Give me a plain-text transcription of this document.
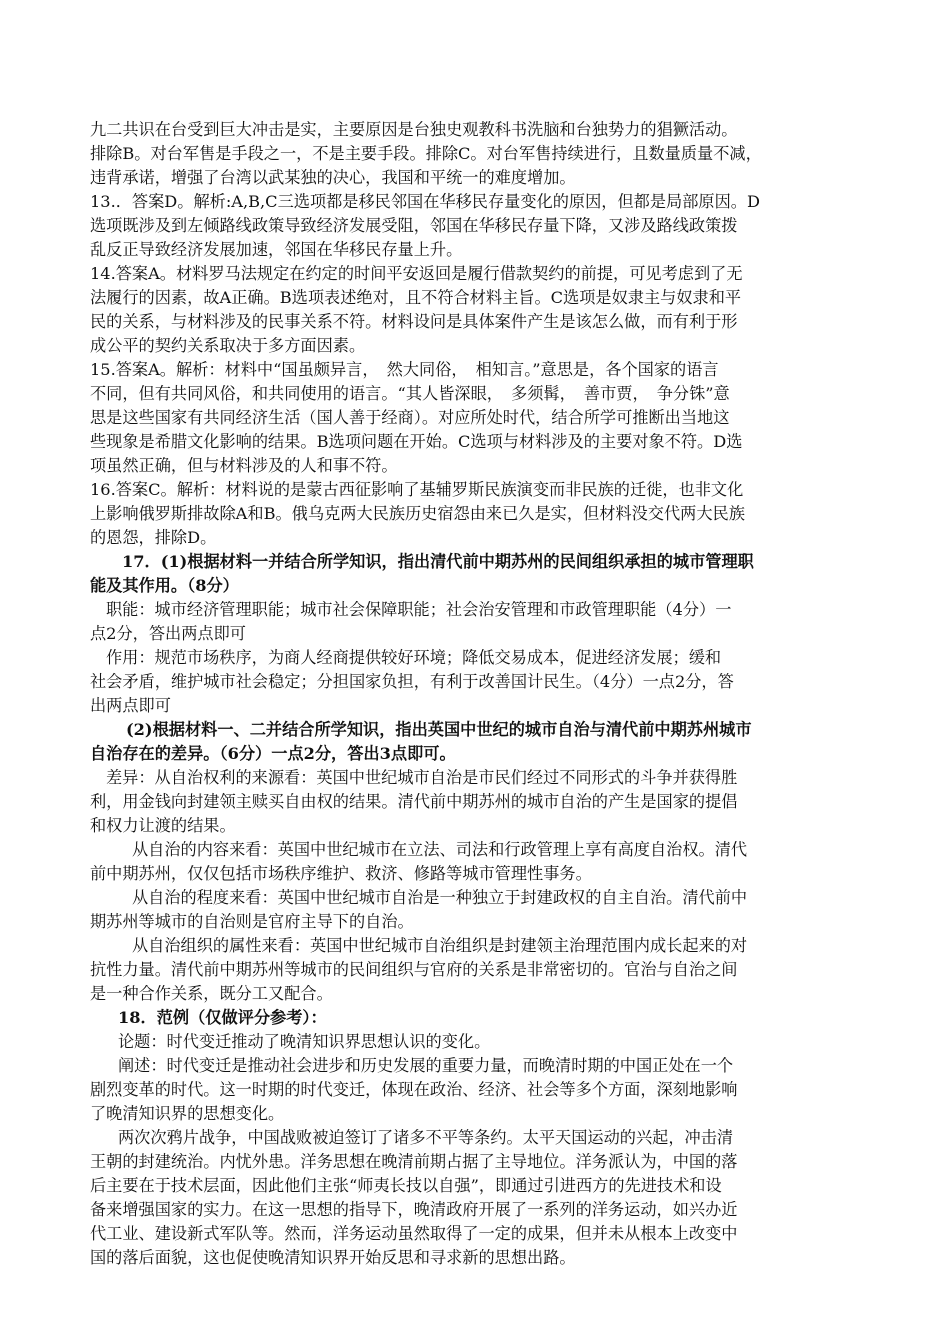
九二共识在台受到巨大冲击是实，主要原因是台独史观教科书洗脑和台独势力的猖獗活动。
排除B。对台军售是手段之一，不是主要手段。排除C。对台军售持续进行，且数量质量不减，
违背承诺，增强了台湾以武某独的决心，我国和平统一的难度增加。
13.．答案D。解析:A,B,C三选项都是移民邻国在华移民存量变化的原因，但都是局部原因。D
选项既涉及到左倾路线政策导致经济发展受阻，邻国在华移民存量下降，又涉及路线政策拨
乱反正导致经济发展加速，邻国在华移民存量上升。
14.答案A。材料罗马法规定在约定的时间平安返回是履行借款契约的前提，可见考虑到了无
法履行的因素，故A正确。B选项表述绝对，且不符合材料主旨。C选项是奴隶主与奴隶和平
民的关系，与材料涉及的民事关系不符。材料设问是具体案件产生是该怎么做，而有利于形
成公平的契约关系取决于多方面因素。
15.答案A。解析：材料中“国虽颇异言，　然大同俗，　相知言。”意思是，各个国家的语言
不同，但有共同风俗，和共同使用的语言。“其人皆深眼，　多须髯，　善市贾，　争分铢”意
思是这些国家有共同经济生活（国人善于经商）。对应所处时代，结合所学可推断出当地这
些现象是希腊文化影响的结果。B选项问题在开始。C选项与材料涉及的主要对象不符。D选
项虽然正确，但与材料涉及的人和事不符。
16.答案C。解析：材料说的是蒙古西征影响了基辅罗斯民族演变而非民族的迁徙，也非文化
上影响俄罗斯排故除A和B。俄乌克两大民族历史宿怨由来已久是实，但材料没交代两大民族
的恩怨，排除D。
17．(1)根据材料一并结合所学知识，指出清代前中期苏州的民间组织承担的城市管理职
能及其作用。（8分）
职能：城市经济管理职能；城市社会保障职能；社会治安管理和市政管理职能（4分）一
点2分，答出两点即可
作用：规范市场秩序，为商人经商提供较好环境；降低交易成本，促进经济发展；缓和
社会矛盾，维护城市社会稳定；分担国家负担，有利于改善国计民生。（4分）一点2分，答
出两点即可
(2)根据材料一、二并结合所学知识，指出英国中世纪的城市自治与清代前中期苏州城市
自治存在的差异。（6分）一点2分，答出3点即可。
差异：从自治权利的来源看：英国中世纪城市自治是市民们经过不同形式的斗争并获得胜
利，用金钱向封建领主赎买自由权的结果。清代前中期苏州的城市自治的产生是国家的提倡
和权力让渡的结果。
从自治的内容来看：英国中世纪城市在立法、司法和行政管理上享有高度自治权。清代
前中期苏州，仅仅包括市场秩序维护、救济、修路等城市管理性事务。
从自治的程度来看：英国中世纪城市自治是一种独立于封建政权的自主自治。清代前中
期苏州等城市的自治则是官府主导下的自治。
从自治组织的属性来看：英国中世纪城市自治组织是封建领主治理范围内成长起来的对
抗性力量。清代前中期苏州等城市的民间组织与官府的关系是非常密切的。官治与自治之间
是一种合作关系，既分工又配合。
18．范例（仅做评分参考）：
论题：时代变迁推动了晚清知识界思想认识的变化。
阐述：时代变迁是推动社会进步和历史发展的重要力量，而晚清时期的中国正处在一个
剧烈变革的时代。这一时期的时代变迁，体现在政治、经济、社会等多个方面，深刻地影响
了晚清知识界的思想变化。
两次次鸦片战争，中国战败被迫签订了诸多不平等条约。太平天国运动的兴起，冲击清
王朝的封建统治。内忧外患。洋务思想在晚清前期占据了主导地位。洋务派认为，中国的落
后主要在于技术层面，因此他们主张“师夷长技以自强”，即通过引进西方的先进技术和设
备来增强国家的实力。在这一思想的指导下，晚清政府开展了一系列的洋务运动，如兴办近
代工业、建设新式军队等。然而，洋务运动虽然取得了一定的成果，但并未从根本上改变中
国的落后面貌，这也促使晚清知识界开始反思和寻求新的思想出路。
